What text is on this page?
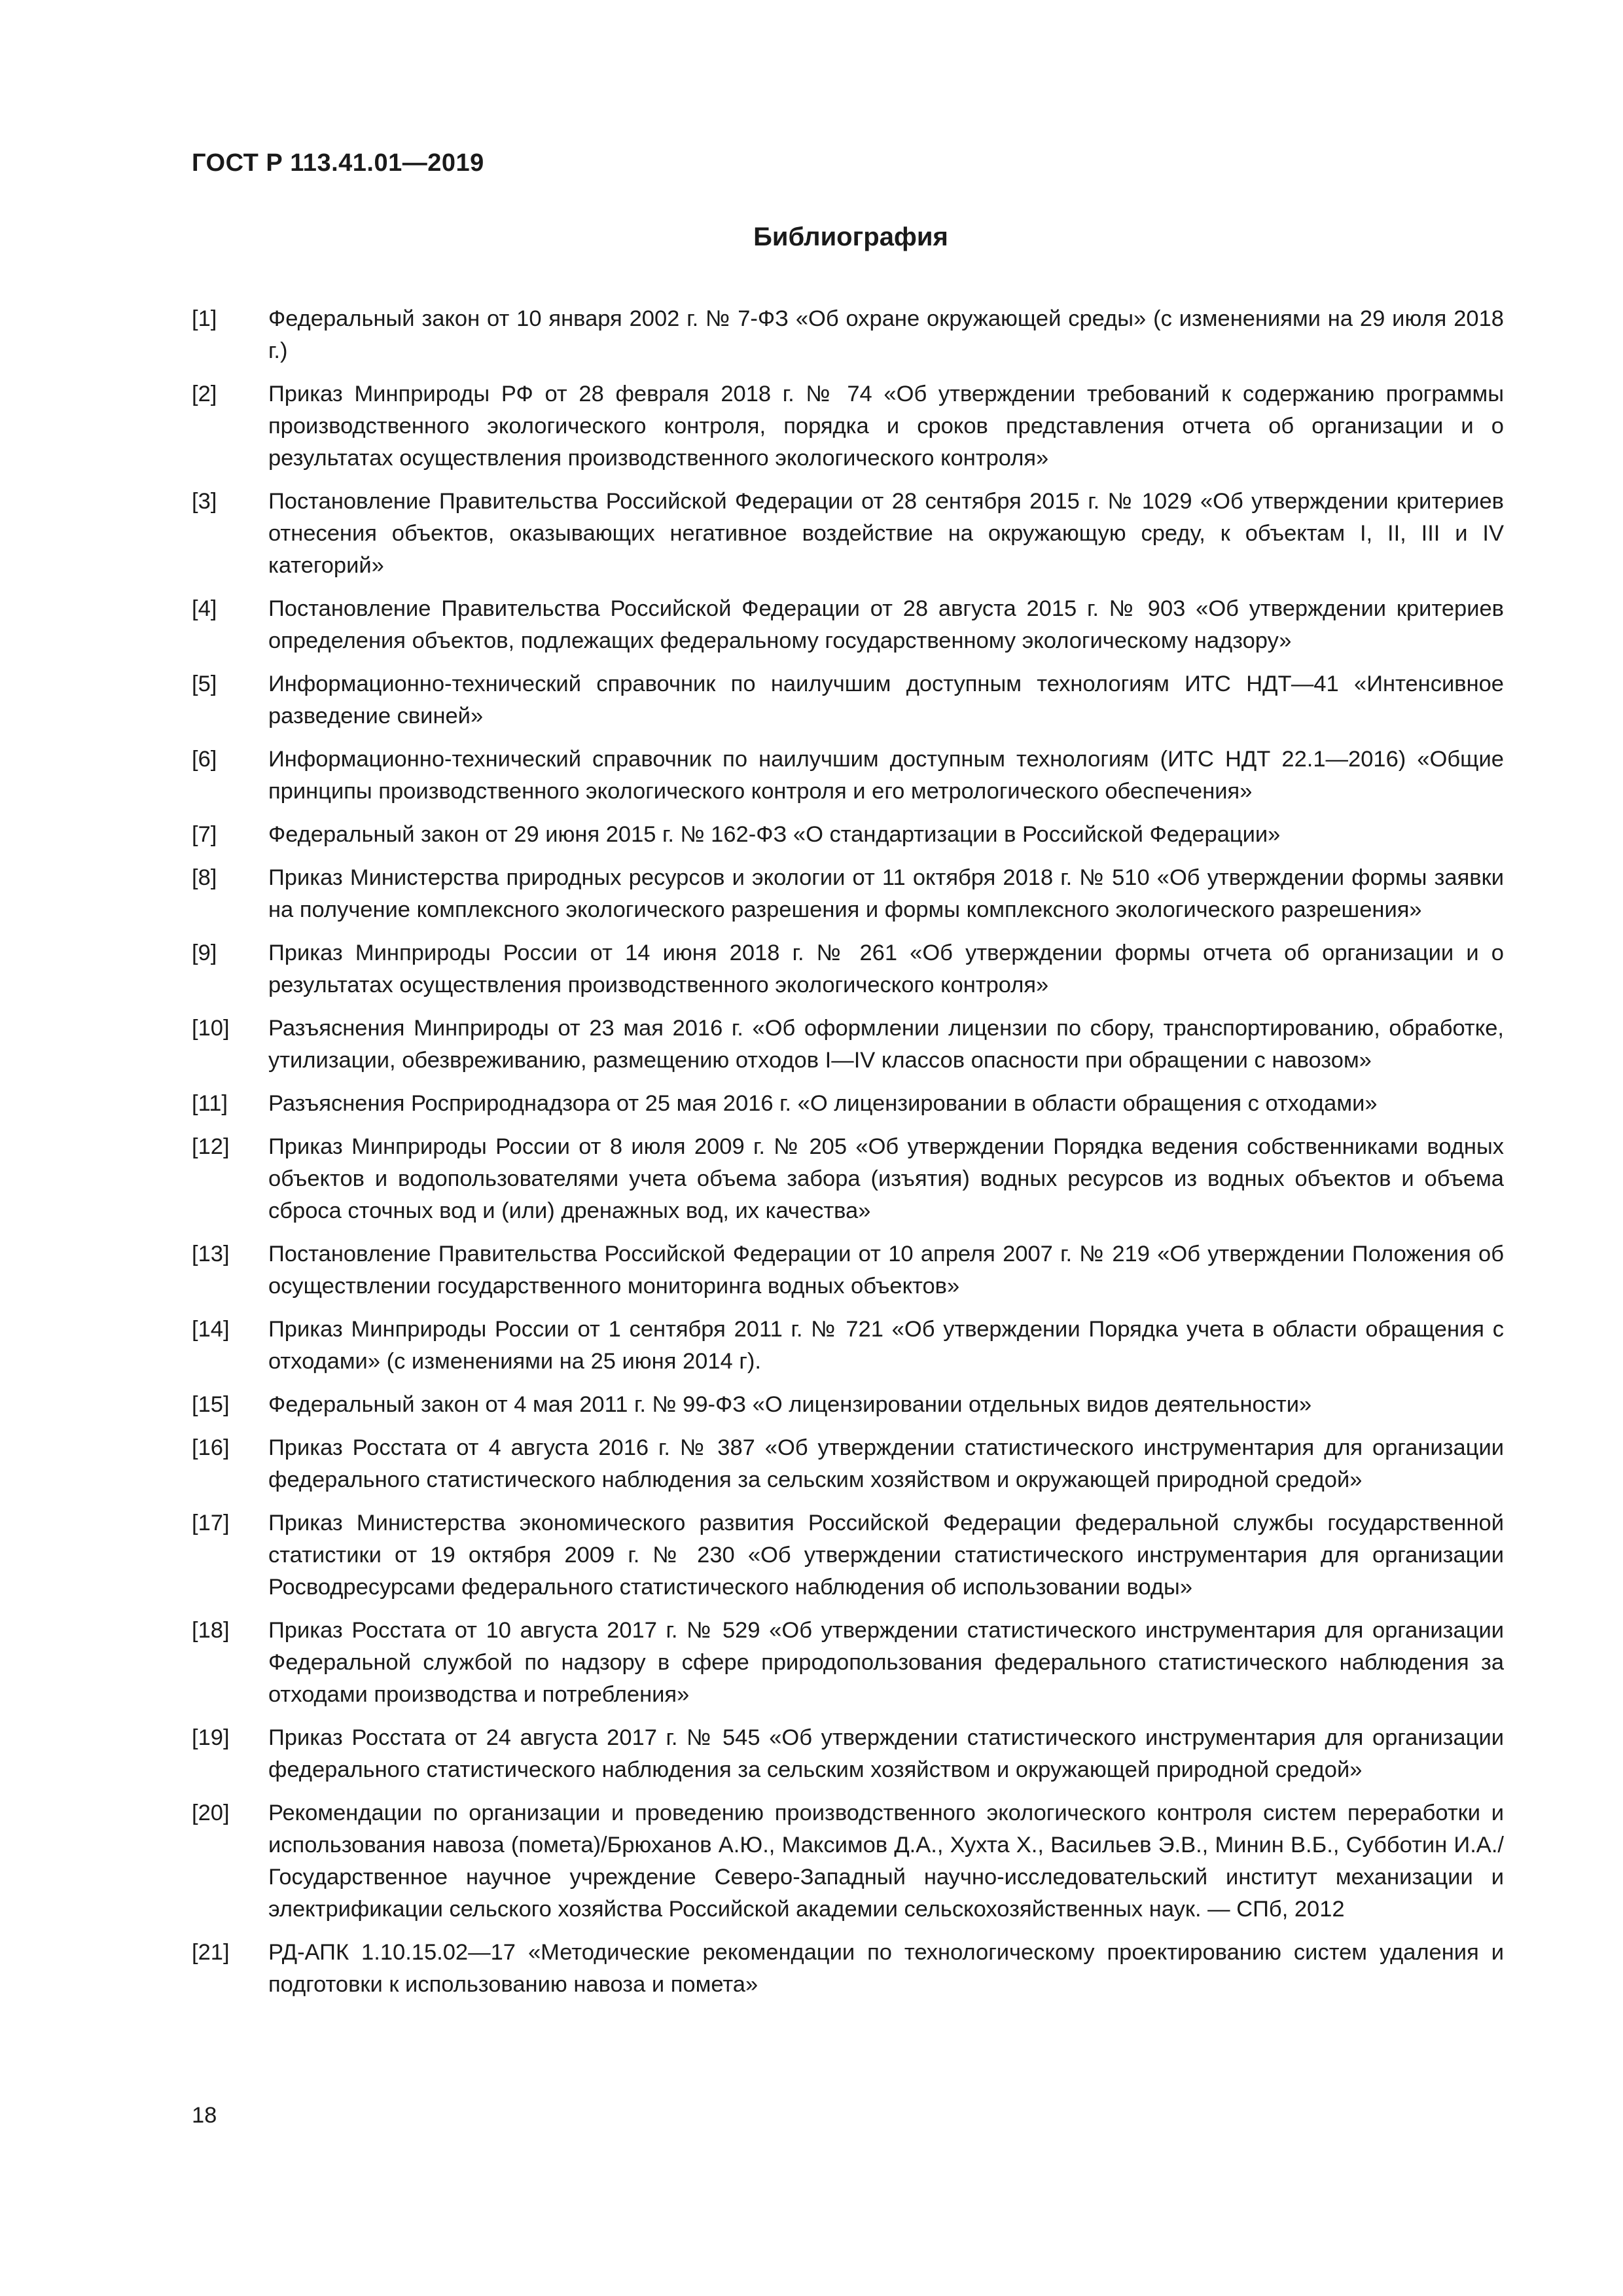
ГОСТ Р 113.41.01—2019
Библиография
[1]	Федеральный закон от 10 января 2002 г. № 7-ФЗ «Об охране окружающей среды» (с изменениями на 29 июля 2018 г.)
[2]	Приказ Минприроды РФ от 28 февраля 2018 г. № 74 «Об утверждении требований к содержанию программы производственного экологического контроля, порядка и сроков представления отчета об организации и о результатах осуществления производственного экологического контроля»
[3]	Постановление Правительства Российской Федерации от 28 сентября 2015 г. № 1029 «Об утверждении критериев отнесения объектов, оказывающих негативное воздействие на окружающую среду, к объектам I, II, III и IV категорий»
[4]	Постановление Правительства Российской Федерации от 28 августа 2015 г. № 903 «Об утверждении критериев определения объектов, подлежащих федеральному государственному экологическому надзору»
[5]	Информационно-технический справочник по наилучшим доступным технологиям ИТС НДТ—41 «Интенсивное разведение свиней»
[6]	Информационно-технический справочник по наилучшим доступным технологиям (ИТС НДТ 22.1—2016) «Общие принципы производственного экологического контроля и его метрологического обеспечения»
[7]	Федеральный закон от 29 июня 2015 г. № 162-ФЗ «О стандартизации в Российской Федерации»
[8]	Приказ Министерства природных ресурсов и экологии от 11 октября 2018 г. № 510 «Об утверждении формы заявки на получение комплексного экологического разрешения и формы комплексного экологического разрешения»
[9]	Приказ Минприроды России от 14 июня 2018 г. № 261 «Об утверждении формы отчета об организации и о результатах осуществления производственного экологического контроля»
[10]	Разъяснения Минприроды от 23 мая 2016 г. «Об оформлении лицензии по сбору, транспортированию, обработке, утилизации, обезвреживанию, размещению отходов I—IV классов опасности при обращении с навозом»
[11]	Разъяснения Росприроднадзора от 25 мая 2016 г. «О лицензировании в области обращения с отходами»
[12]	Приказ Минприроды России от 8 июля 2009 г. № 205 «Об утверждении Порядка ведения собственниками водных объектов и водопользователями учета объема забора (изъятия) водных ресурсов из водных объектов и объема сброса сточных вод и (или) дренажных вод, их качества»
[13]	Постановление Правительства Российской Федерации от 10 апреля 2007 г. № 219 «Об утверждении Положения об осуществлении государственного мониторинга водных объектов»
[14]	Приказ Минприроды России от 1 сентября 2011 г. № 721 «Об утверждении Порядка учета в области обращения с отходами» (с изменениями на 25 июня 2014 г).
[15]	Федеральный закон от 4 мая 2011 г. № 99-ФЗ «О лицензировании отдельных видов деятельности»
[16]	Приказ Росстата от 4 августа 2016 г. № 387 «Об утверждении статистического инструментария для организации федерального статистического наблюдения за сельским хозяйством и окружающей природной средой»
[17]	Приказ Министерства экономического развития Российской Федерации федеральной службы государственной статистики от 19 октября 2009 г. № 230 «Об утверждении статистического инструментария для организации Росводресурсами федерального статистического наблюдения об использовании воды»
[18]	Приказ Росстата от 10 августа 2017 г. № 529 «Об утверждении статистического инструментария для организации Федеральной службой по надзору в сфере природопользования федерального статистического наблюдения за отходами производства и потребления»
[19]	Приказ Росстата от 24 августа 2017 г. № 545 «Об утверждении статистического инструментария для организации федерального статистического наблюдения за сельским хозяйством и окружающей природной средой»
[20]	Рекомендации по организации и проведению производственного экологического контроля систем переработки и использования навоза (помета)/Брюханов А.Ю., Максимов Д.А., Хухта Х., Васильев Э.В., Минин В.Б., Субботин И.А./Государственное научное учреждение Северо-Западный научно-исследовательский институт механизации и электрификации сельского хозяйства Российской академии сельскохозяйственных наук. — СПб, 2012
[21]	РД-АПК 1.10.15.02—17 «Методические рекомендации по технологическому проектированию систем удаления и подготовки к использованию навоза и помета»
18
